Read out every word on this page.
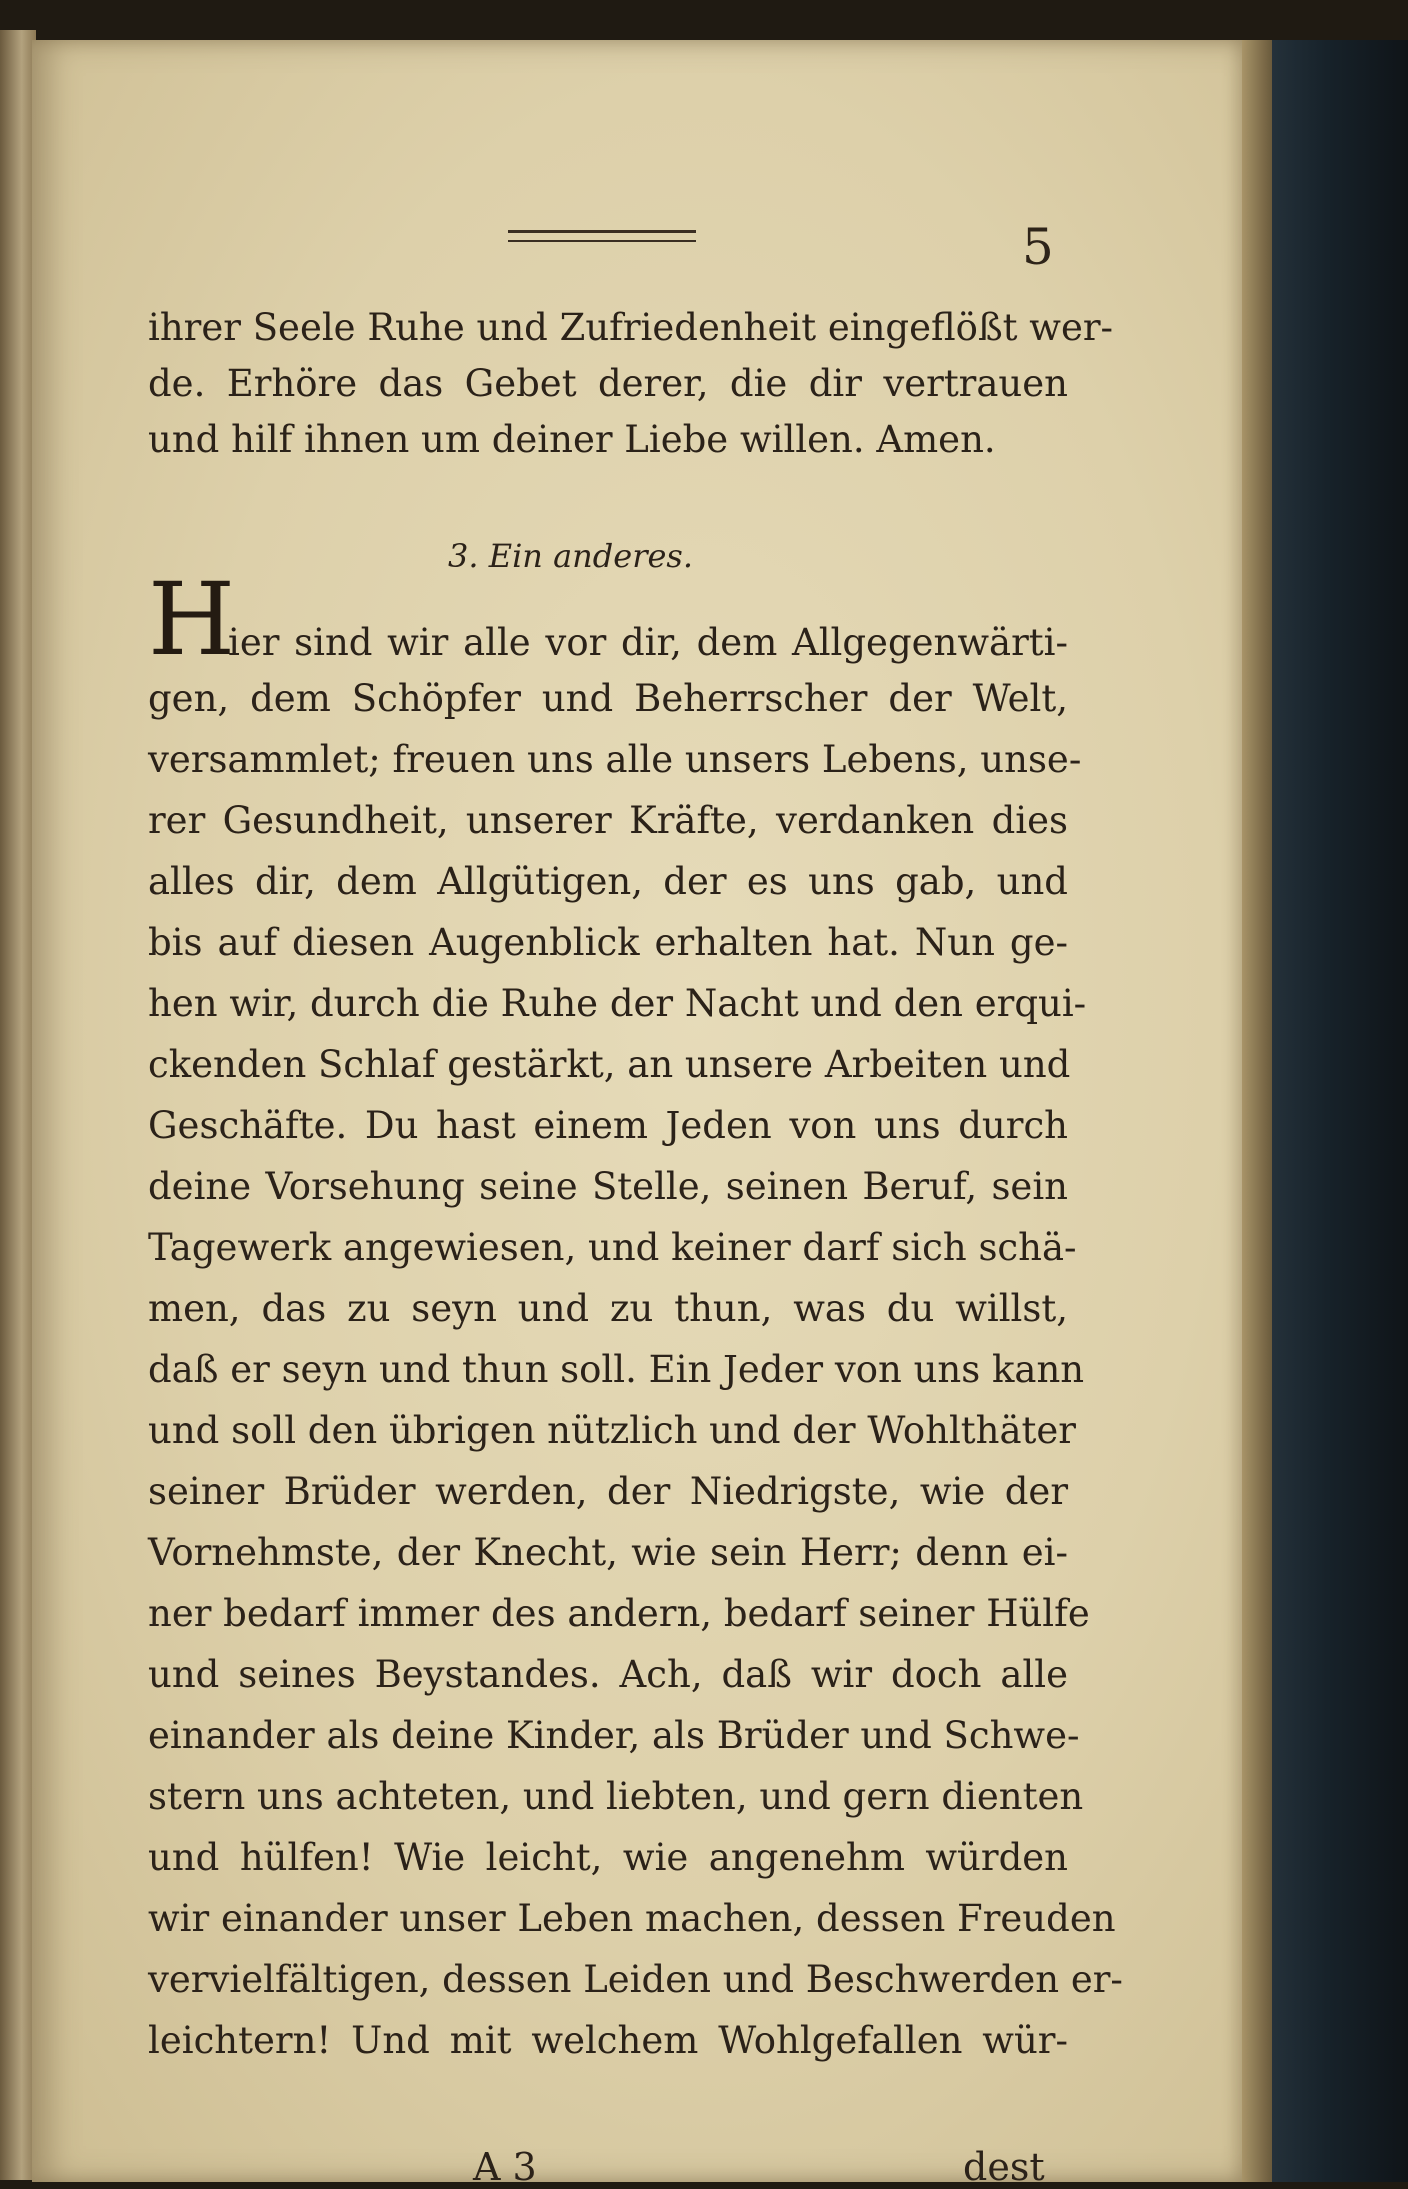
5
ihrer Seele Ruhe und Zufriedenheit eingeflößt wer-
de. Erhöre das Gebet derer, die dir vertrauen
und hilf ihnen um deiner Liebe willen. Amen.
3. Ein anderes.
H
ier sind wir alle vor dir, dem Allgegenwärti-
gen, dem Schöpfer und Beherrscher der Welt,
versammlet; freuen uns alle unsers Lebens, unse-
rer Gesundheit, unserer Kräfte, verdanken dies
alles dir, dem Allgütigen, der es uns gab, und
bis auf diesen Augenblick erhalten hat. Nun ge-
hen wir, durch die Ruhe der Nacht und den erqui-
ckenden Schlaf gestärkt, an unsere Arbeiten und
Geschäfte. Du hast einem Jeden von uns durch
deine Vorsehung seine Stelle, seinen Beruf, sein
Tagewerk angewiesen, und keiner darf sich schä-
men, das zu seyn und zu thun, was du willst,
daß er seyn und thun soll. Ein Jeder von uns kann
und soll den übrigen nützlich und der Wohlthäter
seiner Brüder werden, der Niedrigste, wie der
Vornehmste, der Knecht, wie sein Herr; denn ei-
ner bedarf immer des andern, bedarf seiner Hülfe
und seines Beystandes. Ach, daß wir doch alle
einander als deine Kinder, als Brüder und Schwe-
stern uns achteten, und liebten, und gern dienten
und hülfen! Wie leicht, wie angenehm würden
wir einander unser Leben machen, dessen Freuden
vervielfältigen, dessen Leiden und Beschwerden er-
leichtern! Und mit welchem Wohlgefallen wür-
A 3	dest
